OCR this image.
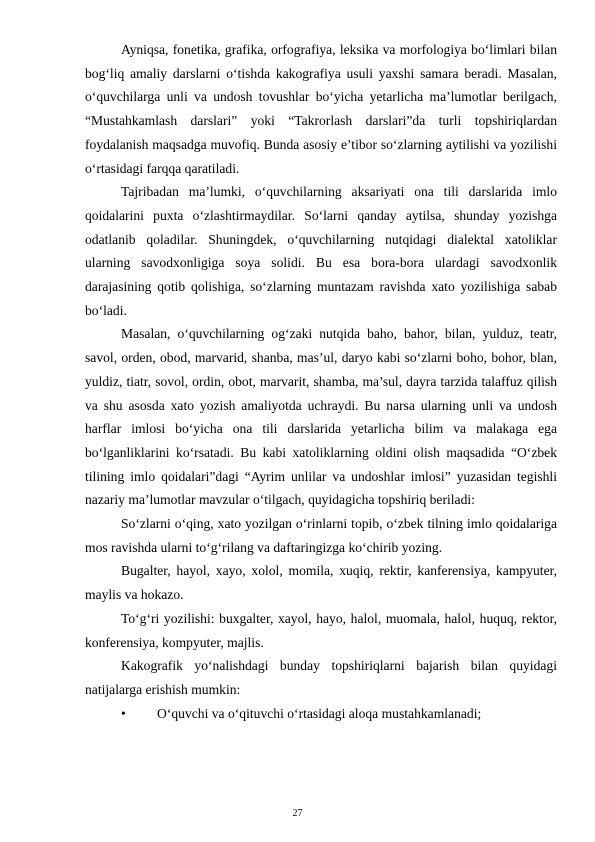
Ayniqsa, fonetika, grafika, orfografiya, leksika va morfologiya bo‘limlari bilan bog‘liq amaliy darslarni o‘tishda kakografiya usuli yaxshi samara beradi. Masalan, o‘quvchilarga unli va undosh tovushlar bo‘yicha yetarlicha ma’lumotlar berilgach, “Mustahkamlash darslari” yoki “Takrorlash darslari”da turli topshiriqlardan foydalanish maqsadga muvofiq. Bunda asosiy e’tibor so‘zlarning aytilishi va yozilishi o‘rtasidagi farqqa qaratiladi.

Tajribadan ma’lumki, o‘quvchilarning aksariyati ona tili darslarida imlo qoidalarini puxta o‘zlashtirmaydilar. So‘larni qanday aytilsa, shunday yozishga odatlanib qoladilar. Shuningdek, o‘quvchilarning nutqidagi dialektal xatoliklar ularning savodxonligiga soya solidi. Bu esa bora-bora ulardagi savodxonlik darajasining qotib qolishiga, so‘zlarning muntazam ravishda xato yozilishiga sabab bo‘ladi.

Masalan, o‘quvchilarning og‘zaki nutqida baho, bahor, bilan, yulduz, teatr, savol, orden, obod, marvarid, shanba, mas’ul, daryo kabi so‘zlarni boho, bohor, blan, yuldiz, tiatr, sovol, ordin, obot, marvarit, shamba, ma’sul, dayra tarzida talaffuz qilish va shu asosda xato yozish amaliyotda uchraydi. Bu narsa ularning unli va undosh harflar imlosi bo‘yicha ona tili darslarida yetarlicha bilim va malakaga ega bo‘lganliklarini ko‘rsatadi. Bu kabi xatoliklarning oldini olish maqsadida “O‘zbek tilining imlo qoidalari”dagi “Ayrim unlilar va undoshlar imlosi” yuzasidan tegishli nazariy ma’lumotlar mavzular o‘tilgach, quyidagicha topshiriq beriladi:

So‘zlarni o‘qing, xato yozilgan o‘rinlarni topib, o‘zbek tilning imlo qoidalariga mos ravishda ularni to‘g‘rilang va daftaringizga ko‘chirib yozing.

Bugalter, hayol, xayo, xolol, momila, xuqiq, rektir, kanferensiya, kampyuter, maylis va hokazo.

To‘g‘ri yozilishi: buxgalter, xayol, hayo, halol, muomala, halol, huquq, rektor, konferensiya, kompyuter, majlis.

Kakografik yo‘nalishdagi bunday topshiriqlarni bajarish bilan quyidagi natijalarga erishish mumkin:

• O‘quvchi va o‘qituvchi o‘rtasidagi aloqa mustahkamlanadi;
27
